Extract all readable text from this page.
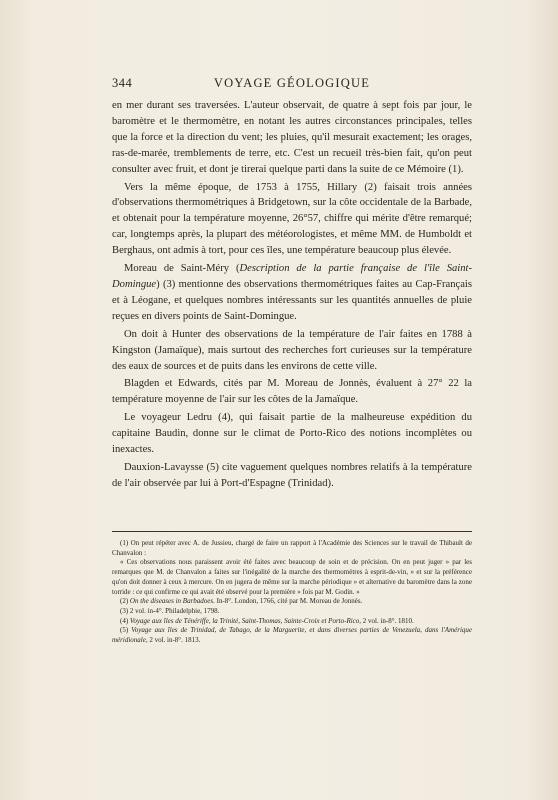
344	VOYAGE GÉOLOGIQUE

en mer durant ses traversées. L'auteur observait, de quatre à sept fois par jour, le baromètre et le thermomètre, en notant les autres circonstances principales, telles que la force et la direction du vent; les pluies, qu'il mesurait exactement; les orages, ras-de-marée, tremblements de terre, etc. C'est un recueil très-bien fait, qu'on peut consulter avec fruit, et dont je tirerai quelque parti dans la suite de ce Mémoire (1).

Vers la même époque, de 1753 à 1755, Hillary (2) faisait trois années d'observations thermométriques à Bridgetown, sur la côte occidentale de la Barbade, et obtenait pour la température moyenne, 26°57, chiffre qui mérite d'être remarqué; car, longtemps après, la plupart des météorologistes, et même MM. de Humboldt et Berghaus, ont admis à tort, pour ces îles, une température beaucoup plus élevée.

Moreau de Saint-Méry (Description de la partie française de l'île Saint-Domingue) (3) mentionne des observations thermométriques faites au Cap-Français et à Léogane, et quelques nombres intéressants sur les quantités annuelles de pluie reçues en divers points de Saint-Domingue.

On doit à Hunter des observations de la température de l'air faites en 1788 à Kingston (Jamaïque), mais surtout des recherches fort curieuses sur la température des eaux de sources et de puits dans les environs de cette ville.

Blagden et Edwards, cités par M. Moreau de Jonnès, évaluent à 27° 22 la température moyenne de l'air sur les côtes de la Jamaïque.

Le voyageur Ledru (4), qui faisait partie de la malheureuse expédition du capitaine Baudin, donne sur le climat de Porto-Rico des notions incomplètes ou inexactes.

Dauxion-Lavaysse (5) cite vaguement quelques nombres relatifs à la température de l'air observée par lui à Port-d'Espagne (Trinidad).

(1) On peut répéter avec A. de Jussieu, chargé de faire un rapport à l'Académie des Sciences sur le travail de Thibault de Chanvalon :

« Ces observations nous paraissent avoir été faites avec beaucoup de soin et de précision. On en peut juger » par les remarques que M. de Chanvalon a faites sur l'inégalité de la marche des thermomètres à esprit-de-vin, » et sur la préférence qu'on doit donner à ceux à mercure. On en jugera de même sur la marche périodique » et alternative du baromètre dans la zone torride : ce qui confirme ce qui avait été observé pour la première » fois par M. Godin. »

(2) On the diseases in Barbadoes. In-8°. London, 1766, cité par M. Moreau de Jonnès.

(3) 2 vol. in-4°. Philadelphie, 1798.

(4) Voyage aux îles de Ténériffe, la Trinité, Saint-Thomas, Sainte-Croix et Porto-Rico, 2 vol. in-8°. 1810.

(5) Voyage aux îles de Trinidad, de Tabago, de la Marguerite, et dans diverses parties de Venezuela, dans l'Amérique méridionale, 2 vol. in-8°. 1813.
